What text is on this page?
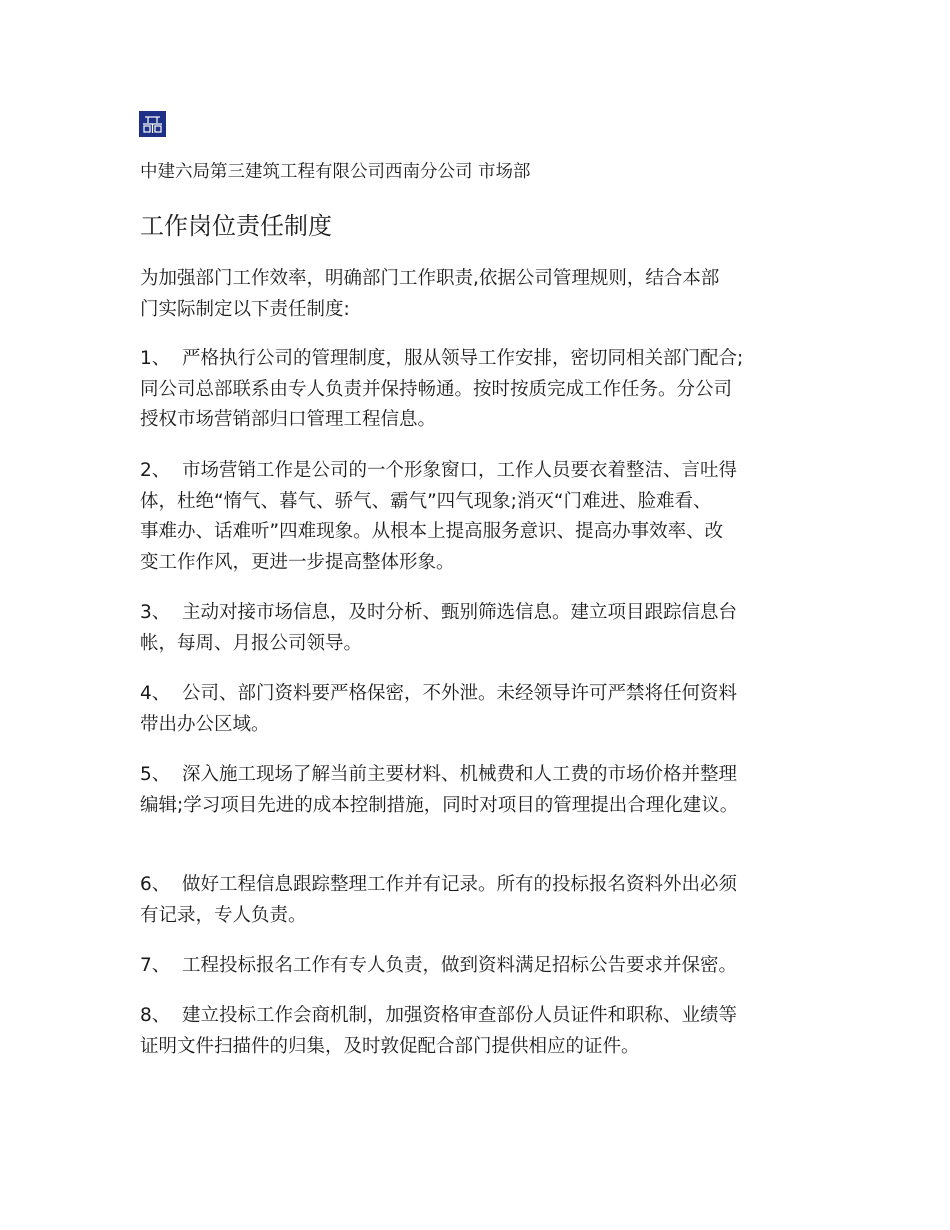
中建六局第三建筑工程有限公司西南分公司 市场部
工作岗位责任制度

为加强部门工作效率，明确部门工作职责,依据公司管理规则，结合本部
门实际制定以下责任制度:

1、 严格执行公司的管理制度，服从领导工作安排，密切同相关部门配合;
同公司总部联系由专人负责并保持畅通。按时按质完成工作任务。分公司
授权市场营销部归口管理工程信息。

2、 市场营销工作是公司的一个形象窗口，工作人员要衣着整洁、言吐得
体，杜绝“惰气、暮气、骄气、霸气”四气现象;消灭“门难进、脸难看、
事难办、话难听”四难现象。从根本上提高服务意识、提高办事效率、改
变工作作风，更进一步提高整体形象。

3、 主动对接市场信息，及时分析、甄别筛选信息。建立项目跟踪信息台
帐，每周、月报公司领导。

4、 公司、部门资料要严格保密，不外泄。未经领导许可严禁将任何资料
带出办公区域。

5、 深入施工现场了解当前主要材料、机械费和人工费的市场价格并整理
编辑;学习项目先进的成本控制措施，同时对项目的管理提出合理化建议。

6、 做好工程信息跟踪整理工作并有记录。所有的投标报名资料外出必须
有记录，专人负责。

7、 工程投标报名工作有专人负责，做到资料满足招标公告要求并保密。

8、 建立投标工作会商机制，加强资格审查部份人员证件和职称、业绩等
证明文件扫描件的归集，及时敦促配合部门提供相应的证件。
